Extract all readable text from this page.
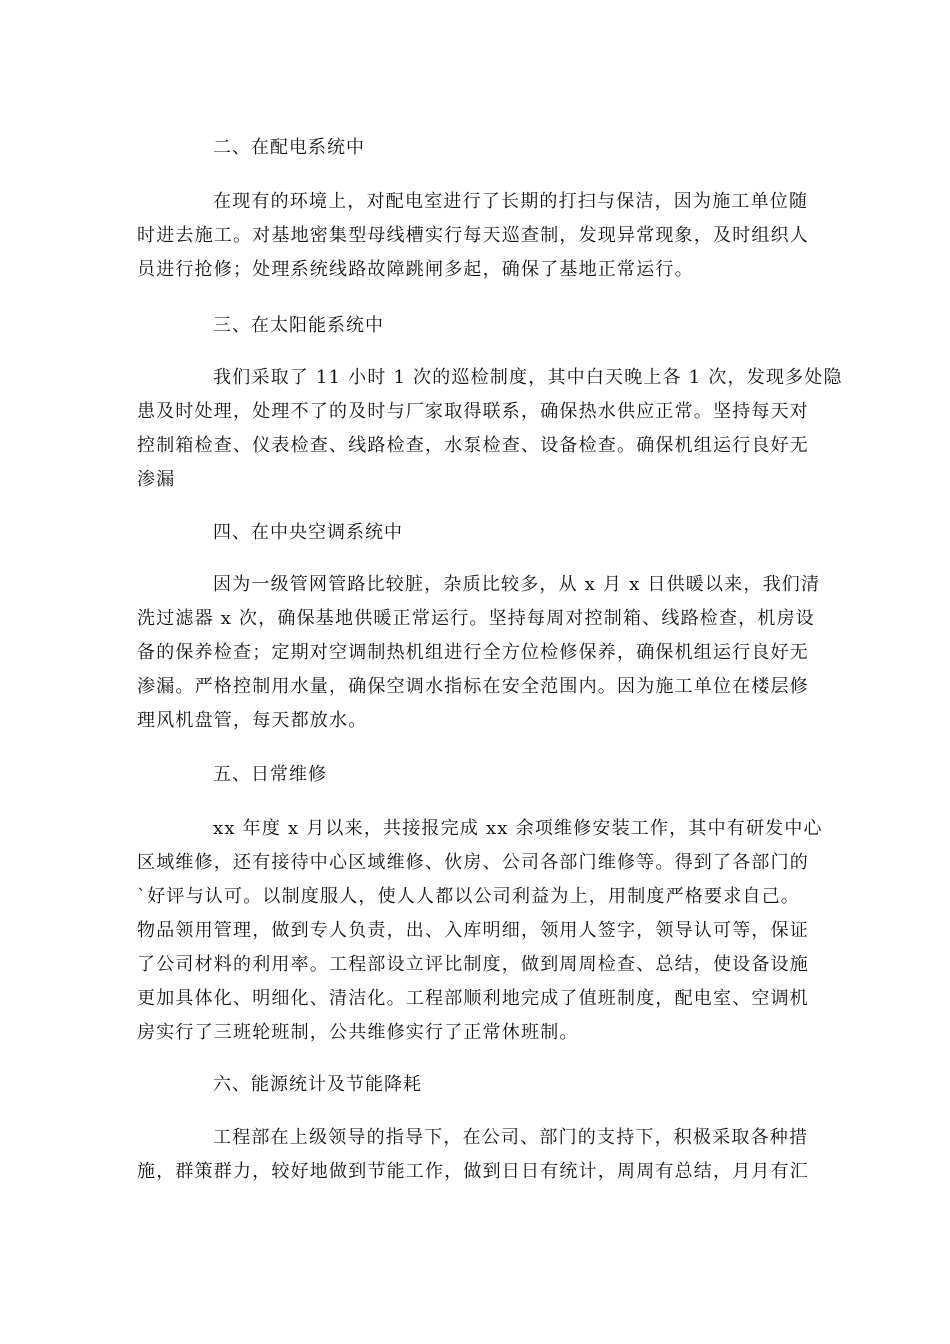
二、在配电系统中
在现有的环境上，对配电室进行了长期的打扫与保洁，因为施工单位随
时进去施工。对基地密集型母线槽实行每天巡查制，发现异常现象，及时组织人
员进行抢修；处理系统线路故障跳闸多起，确保了基地正常运行。
三、在太阳能系统中
我们采取了 11 小时 1 次的巡检制度，其中白天晚上各 1 次，发现多处隐
患及时处理，处理不了的及时与厂家取得联系，确保热水供应正常。坚持每天对
控制箱检查、仪表检查、线路检查，水泵检查、设备检查。确保机组运行良好无
渗漏
四、在中央空调系统中
因为一级管网管路比较脏，杂质比较多，从 x 月 x 日供暖以来，我们清
洗过滤器 x 次，确保基地供暖正常运行。坚持每周对控制箱、线路检查，机房设
备的保养检查；定期对空调制热机组进行全方位检修保养，确保机组运行良好无
渗漏。严格控制用水量，确保空调水指标在安全范围内。因为施工单位在楼层修
理风机盘管，每天都放水。
五、日常维修
xx 年度 x 月以来，共接报完成 xx 余项维修安装工作，其中有研发中心
区域维修，还有接待中心区域维修、伙房、公司各部门维修等。得到了各部门的
`好评与认可。以制度服人，使人人都以公司利益为上，用制度严格要求自己。
物品领用管理，做到专人负责，出、入库明细，领用人签字，领导认可等，保证
了公司材料的利用率。工程部设立评比制度，做到周周检查、总结，使设备设施
更加具体化、明细化、清洁化。工程部顺利地完成了值班制度，配电室、空调机
房实行了三班轮班制，公共维修实行了正常休班制。
六、能源统计及节能降耗
工程部在上级领导的指导下，在公司、部门的支持下，积极采取各种措
施，群策群力，较好地做到节能工作，做到日日有统计，周周有总结，月月有汇
